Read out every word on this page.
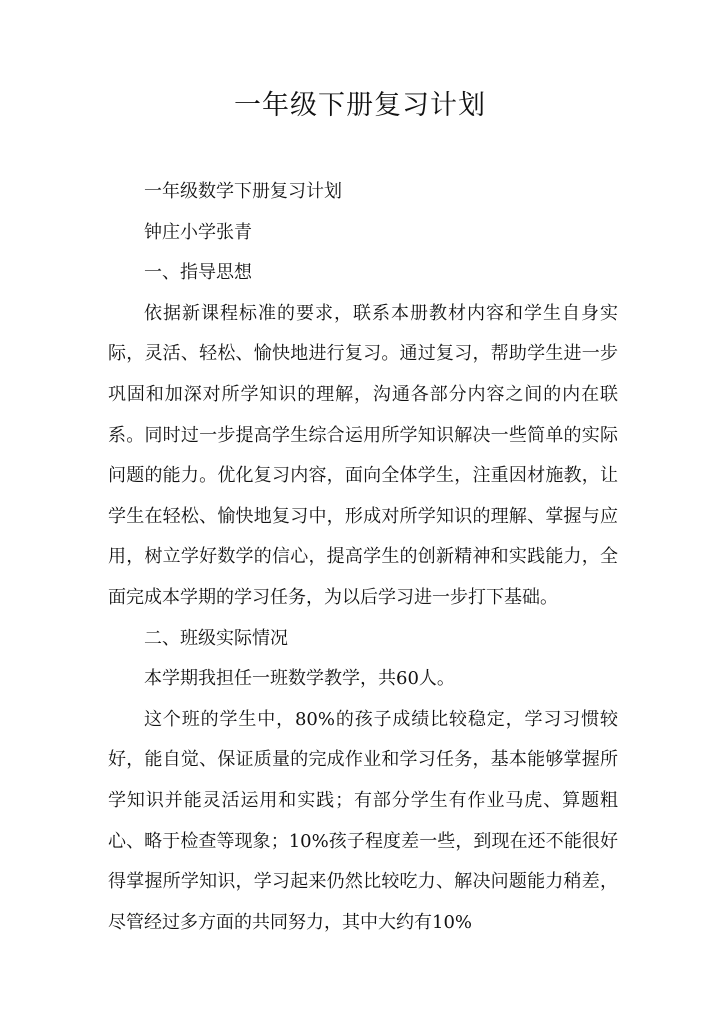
一年级下册复习计划

一年级数学下册复习计划

钟庄小学张青

一、指导思想

依据新课程标准的要求，联系本册教材内容和学生自身实际，灵活、轻松、愉快地进行复习。通过复习，帮助学生进一步巩固和加深对所学知识的理解，沟通各部分内容之间的内在联系。同时过一步提高学生综合运用所学知识解决一些简单的实际问题的能力。优化复习内容，面向全体学生，注重因材施教，让学生在轻松、愉快地复习中，形成对所学知识的理解、掌握与应用，树立学好数学的信心，提高学生的创新精神和实践能力，全面完成本学期的学习任务，为以后学习进一步打下基础。

二、班级实际情况

本学期我担任一班数学教学，共60人。

这个班的学生中，80%的孩子成绩比较稳定，学习习惯较好，能自觉、保证质量的完成作业和学习任务，基本能够掌握所学知识并能灵活运用和实践；有部分学生有作业马虎、算题粗心、略于检查等现象；10%孩子程度差一些，到现在还不能很好得掌握所学知识，学习起来仍然比较吃力、解决问题能力稍差，尽管经过多方面的共同努力，其中大约有10%
